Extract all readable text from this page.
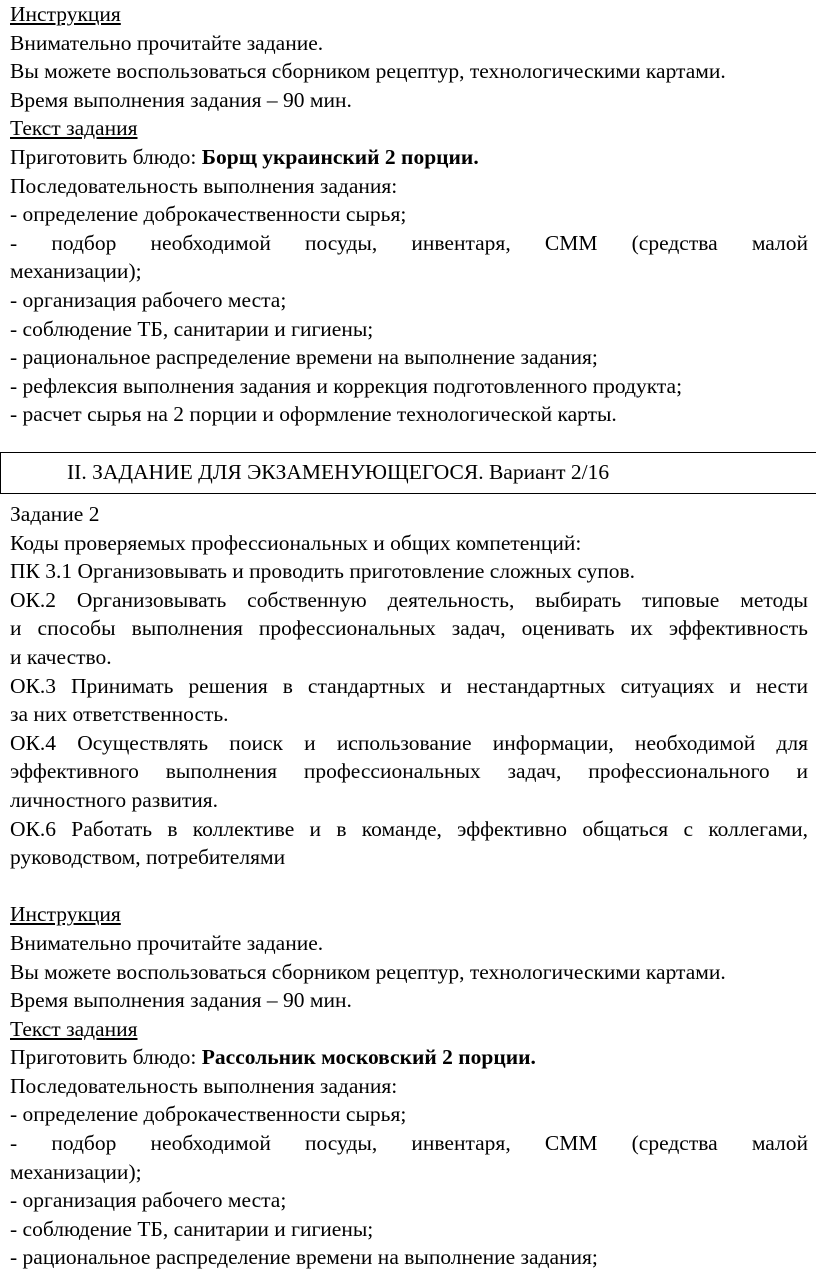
Инструкция
Внимательно прочитайте задание.
Вы можете воспользоваться сборником рецептур, технологическими картами.
Время выполнения задания – 90 мин.
Текст задания
Приготовить блюдо: Борщ украинский 2 порции.
Последовательность выполнения задания:
- определение доброкачественности сырья;
- подбор необходимой посуды, инвентаря, СММ (средства малой
механизации);
- организация рабочего места;
- соблюдение ТБ, санитарии и гигиены;
- рациональное распределение времени на выполнение задания;
- рефлексия выполнения задания и коррекция подготовленного продукта;
- расчет сырья на 2 порции и оформление технологической карты.
II. ЗАДАНИЕ ДЛЯ ЭКЗАМЕНУЮЩЕГОСЯ. Вариант 2/16
Задание 2
Коды проверяемых профессиональных и общих компетенций:
ПК 3.1 Организовывать и проводить приготовление сложных супов.
ОК.2 Организовывать собственную деятельность, выбирать типовые методы
и способы выполнения профессиональных задач, оценивать их эффективность
и качество.
ОК.3 Принимать решения в стандартных и нестандартных ситуациях и нести
за них ответственность.
ОК.4 Осуществлять поиск и использование информации, необходимой для
эффективного выполнения профессиональных задач, профессионального и
личностного развития.
ОК.6 Работать в коллективе и в команде, эффективно общаться с коллегами,
руководством, потребителями
Инструкция
Внимательно прочитайте задание.
Вы можете воспользоваться сборником рецептур, технологическими картами.
Время выполнения задания – 90 мин.
Текст задания
Приготовить блюдо: Рассольник московский 2 порции.
Последовательность выполнения задания:
- определение доброкачественности сырья;
- подбор необходимой посуды, инвентаря, СММ (средства малой
механизации);
- организация рабочего места;
- соблюдение ТБ, санитарии и гигиены;
- рациональное распределение времени на выполнение задания;
